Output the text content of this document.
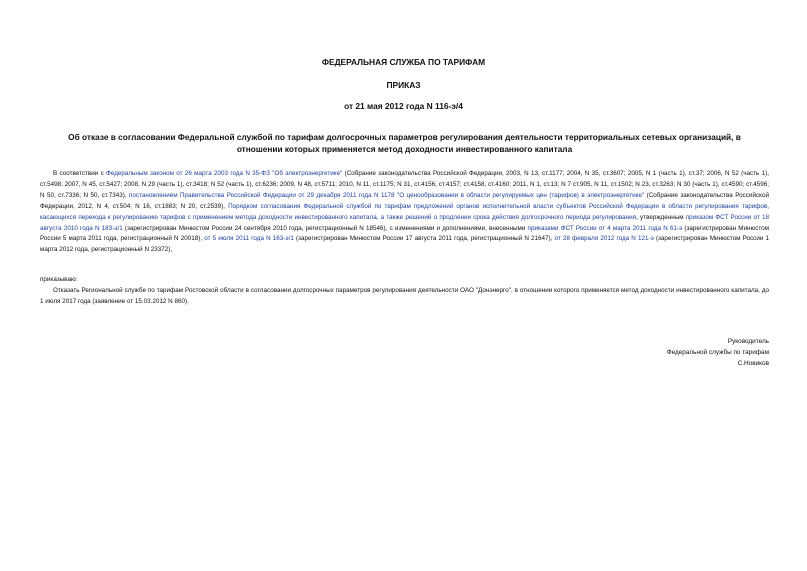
ФЕДЕРАЛЬНАЯ СЛУЖБА ПО ТАРИФАМ
ПРИКАЗ
от 21 мая 2012 года N 116-э/4
Об отказе в согласовании Федеральной службой по тарифам долгосрочных параметров регулирования деятельности территориальных сетевых организаций, в
отношении которых применяется метод доходности инвестированного капитала
В соответствии с Федеральным законом от 26 марта 2003 года N 35-ФЗ "Об электроэнергетике" (Собрание законодательства Российской Федерации, 2003, N 13, ст.1177; 2004, N 35, ст.3607; 2005, N 1 (часть 1), ст.37; 2006, N 52 (часть 1), ст.5498; 2007, N 45, ст.5427; 2008, N 29 (часть 1), ст.3418; N 52 (часть 1), ст.6236; 2009, N 48, ст.5711; 2010, N 11, ст.1175; N 31, ст.4156, ст.4157; ст.4158, ст.4160; 2011, N 1, ст.13; N 7 ст.905, N 11, ст.1502; N 23, ст.3263; N 30 (часть 1), ст.4590; ст.4596; N 50, ст.7336; N 50, ст.7343), постановлением Правительства Российской Федерации от 29 декабря 2011 года N 1178 "О ценообразовании в области регулируемых цен (тарифов) в электроэнергетике" (Собрание законодательства Российской Федерации, 2012, N 4, ст.504; N 16, ст.1883; N 20, ст.2539), Порядком согласования Федеральной службой по тарифам предложений органов исполнительной власти субъектов Российской Федерации в области регулирования тарифов, касающихся перехода к регулированию тарифов с применением метода доходности инвестированного капитала, а также решений о продлении срока действия долгосрочного периода регулирования, утвержденным приказом ФСТ России от 18 августа 2010 года N 183-э/1 (зарегистрирован Минюстом России 24 сентября 2010 года, регистрационный N 18546), с изменениями и дополнениями, внесенными приказами ФСТ России от 4 марта 2011 года N 61-э (зарегистрирован Минюстом России 5 марта 2011 года, регистрационный N 20018), от 5 июля 2011 года N 163-э/1 (зарегистрирован Минюстом России 17 августа 2011 года, регистрационный N 21647), от 28 февраля 2012 года N 121-э (зарегистрирован Минюстом России 1 марта 2012 года, регистрационный N 23372),
приказываю:
Отказать Региональной службе по тарифам Ростовской области в согласовании долгосрочных параметров регулирования деятельности ОАО "Донэнерго", в отношении которого применяется метод доходности инвестированного капитала, до 1 июля 2017 года (заявление от 15.03.2012 N 860).
Руководитель
Федеральной службы по тарифам
С.Новиков
